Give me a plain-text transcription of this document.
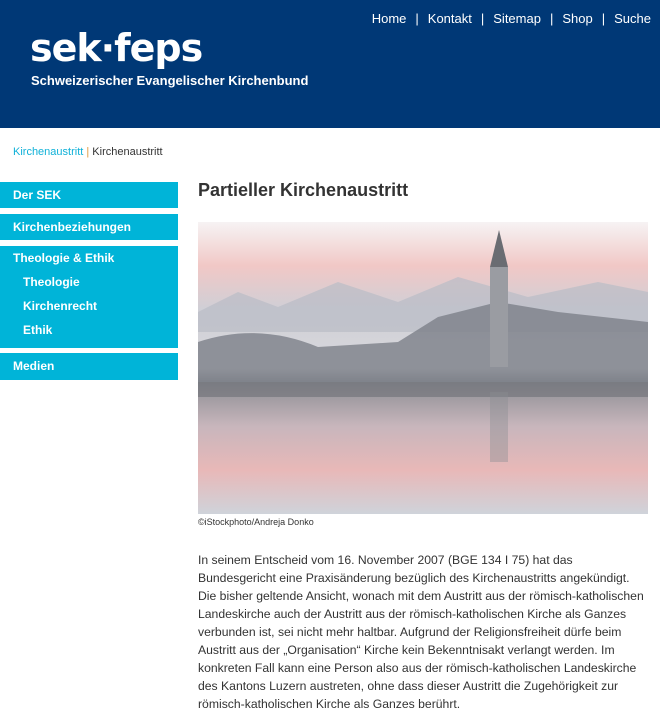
sek·feps
Schweizerischer Evangelischer Kirchenbund
Home | Kontakt | Sitemap | Shop | Suche
Kirchenaustritt | Kirchenaustritt
Der SEK
Kirchenbeziehungen
Theologie & Ethik
Theologie
Kirchenrecht
Ethik
Medien
Partieller Kirchenaustritt
©iStockphoto/Andreja Donko

In seinem Entscheid vom 16. November 2007 (BGE 134 I 75) hat das Bundesgericht eine Praxisänderung bezüglich des Kirchenaustritts angekündigt. Die bisher geltende Ansicht, wonach mit dem Austritt aus der römisch-katholischen Landeskirche auch der Austritt aus der römisch-katholischen Kirche als Ganzes verbunden ist, sei nicht mehr haltbar. Aufgrund der Religionsfreiheit dürfe beim Austritt aus der „Organisation“ Kirche kein Bekenntnisakt verlangt werden. Im konkreten Fall kann eine Person also aus der römisch-katholischen Landeskirche des Kantons Luzern austreten, ohne dass dieser Austritt die Zugehörigkeit zur römisch-katholischen Kirche als Ganzes berührt.
